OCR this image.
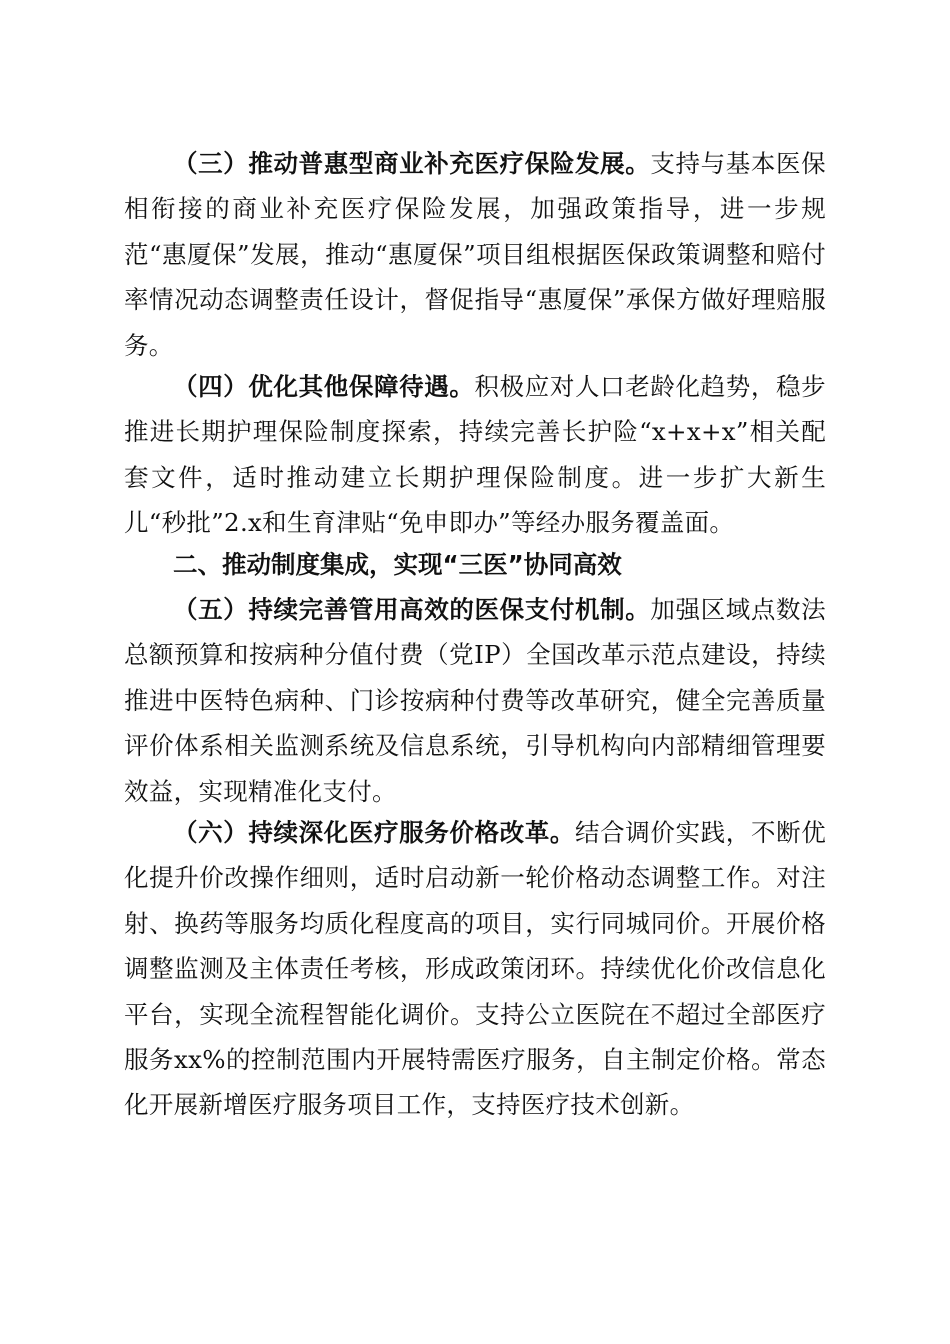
（三）推动普惠型商业补充医疗保险发展。支持与基本医保相衔接的商业补充医疗保险发展，加强政策指导，进一步规范“惠厦保”发展，推动“惠厦保”项目组根据医保政策调整和赔付率情况动态调整责任设计，督促指导“惠厦保”承保方做好理赔服务。

（四）优化其他保障待遇。积极应对人口老龄化趋势，稳步推进长期护理保险制度探索，持续完善长护险“x+x+x”相关配套文件，适时推动建立长期护理保险制度。进一步扩大新生儿“秒批”2.x和生育津贴“免申即办”等经办服务覆盖面。

二、推动制度集成，实现“三医”协同高效

（五）持续完善管用高效的医保支付机制。加强区域点数法总额预算和按病种分值付费（党IP）全国改革示范点建设，持续推进中医特色病种、门诊按病种付费等改革研究，健全完善质量评价体系相关监测系统及信息系统，引导机构向内部精细管理要效益，实现精准化支付。

（六）持续深化医疗服务价格改革。结合调价实践，不断优化提升价改操作细则，适时启动新一轮价格动态调整工作。对注射、换药等服务均质化程度高的项目，实行同城同价。开展价格调整监测及主体责任考核，形成政策闭环。持续优化价改信息化平台，实现全流程智能化调价。支持公立医院在不超过全部医疗服务xx%的控制范围内开展特需医疗服务，自主制定价格。常态化开展新增医疗服务项目工作，支持医疗技术创新。
